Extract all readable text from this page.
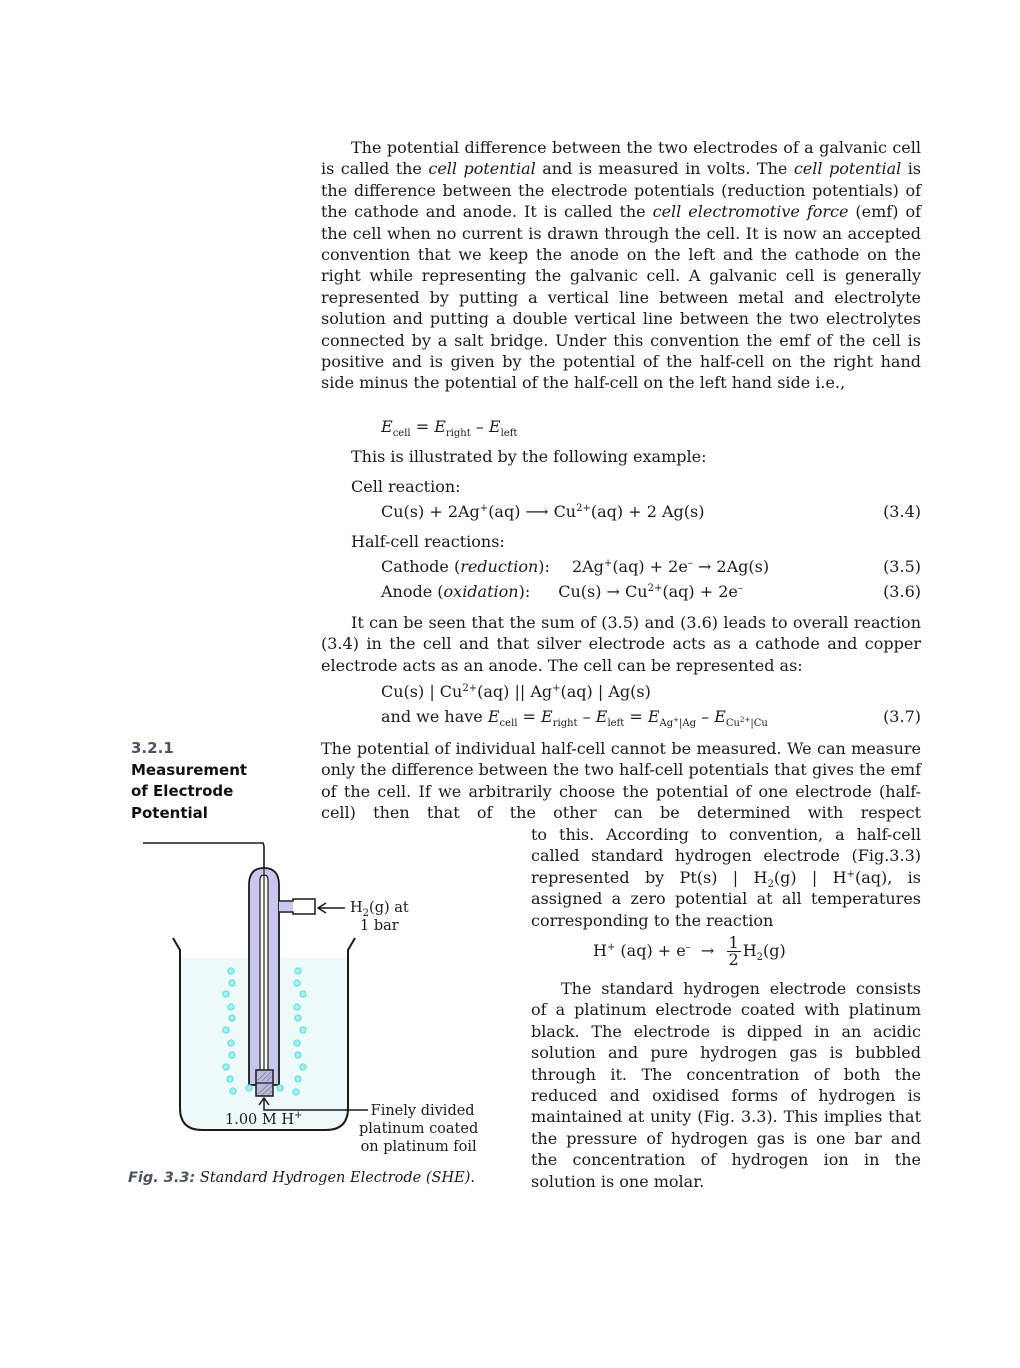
The potential difference between the two electrodes of a galvanic cell is called the cell potential and is measured in volts. The cell potential is the difference between the electrode potentials (reduction potentials) of the cathode and anode. It is called the cell electromotive force (emf) of the cell when no current is drawn through the cell. It is now an accepted convention that we keep the anode on the left and the cathode on the right while representing the galvanic cell. A galvanic cell is generally represented by putting a vertical line between metal and electrolyte solution and putting a double vertical line between the two electrolytes connected by a salt bridge. Under this convention the emf of the cell is positive and is given by the potential of the half-cell on the right hand side minus the potential of the half-cell on the left hand side i.e.,

$E_{cell} = E_{right} - E_{left}$
This is illustrated by the following example:
Cell reaction:
Cu(s) + 2Ag+(aq) ⟶ $Cu^{2+}(aq) + 2$ Ag(s)	(3.4)
Half-cell reactions:
Cathode (reduction): 2Ag+(aq) + 2e– → 2Ag(s)	(3.5)
Anode (oxidation): $Cu(s) \to Cu^{2+}(aq) + 2e^-$	(3.6)

It can be seen that the sum of (3.5) and (3.6) leads to overall reaction (3.4) in the cell and that silver electrode acts as a cathode and copper electrode acts as an anode. The cell can be represented as:

Cu(s) | $Cu^{2+}(aq)$ || Ag+(aq) | Ag(s)
and we have $E_{cell} = E_{right} - E_{left} = E_{Ag^+|Ag} - E_{Cu^{2+}|Cu}$	(3.7)
3.2.1
Measurement
of Electrode
Potential

The potential of individual half-cell cannot be measured. We can measure only the difference between the two half-cell potentials that gives the emf of the cell. If we arbitrarily choose the potential of one electrode (half-cell) then that of the other can be determined with respect

to this. According to convention, a half-cell called standard hydrogen electrode (Fig.3.3) represented by Pt(s) | $H_2(g)$ | H+(aq), is assigned a zero potential at all temperatures corresponding to the reaction

H+ $(aq) + e^- \to \frac{1}{2} H_2(g)$

The standard hydrogen electrode consists of a platinum electrode coated with platinum black. The electrode is dipped in an acidic solution and pure hydrogen gas is bubbled through it. The concentration of both the reduced and oxidised forms of hydrogen is maintained at unity (Fig. 3.3). This implies that the pressure of hydrogen gas is one bar and the concentration of hydrogen ion in the solution is one molar.

$H_2(g)$ at
1 bar
1.00 M H+	Finely divided
platinum coated
on platinum foil
Fig. 3.3: Standard Hydrogen Electrode (SHE).
